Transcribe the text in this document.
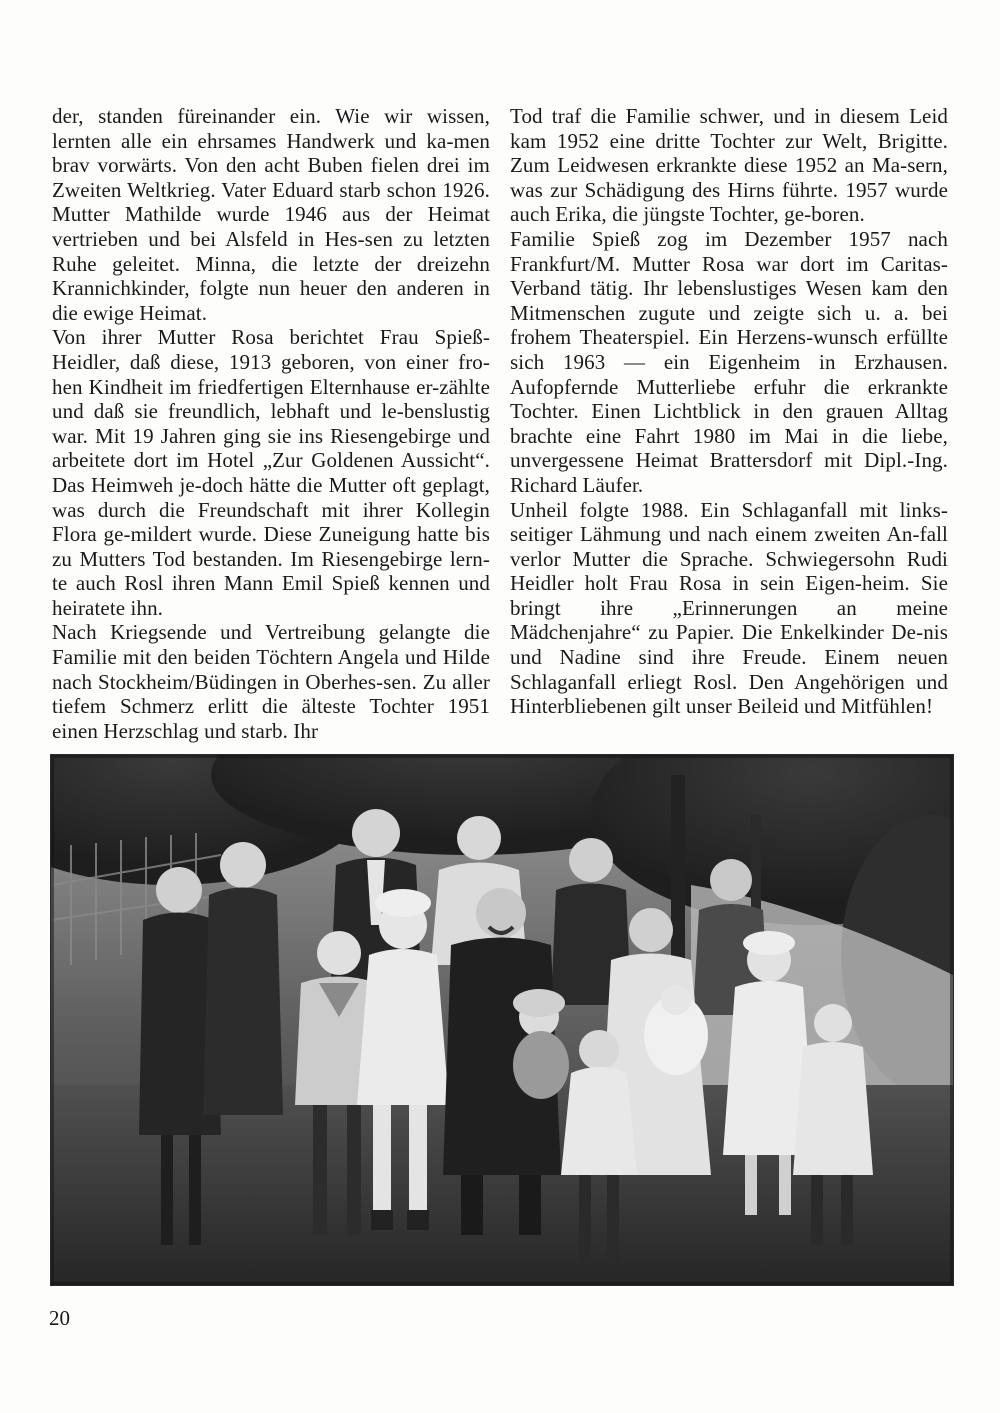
der, standen füreinander ein. Wie wir wissen, lernten alle ein ehrsames Handwerk und ka-men brav vorwärts. Von den acht Buben fielen drei im Zweiten Weltkrieg. Vater Eduard starb schon 1926. Mutter Mathilde wurde 1946 aus der Heimat vertrieben und bei Alsfeld in Hes-sen zu letzten Ruhe geleitet. Minna, die letzte der dreizehn Krannichkinder, folgte nun heuer den anderen in die ewige Heimat.

Von ihrer Mutter Rosa berichtet Frau Spieß-Heidler, daß diese, 1913 geboren, von einer fro-hen Kindheit im friedfertigen Elternhause er-zählte und daß sie freundlich, lebhaft und le-benslustig war. Mit 19 Jahren ging sie ins Riesengebirge und arbeitete dort im Hotel „Zur Goldenen Aussicht“. Das Heimweh je-doch hätte die Mutter oft geplagt, was durch die Freundschaft mit ihrer Kollegin Flora ge-mildert wurde. Diese Zuneigung hatte bis zu Mutters Tod bestanden. Im Riesengebirge lern-te auch Rosl ihren Mann Emil Spieß kennen und heiratete ihn.

Nach Kriegsende und Vertreibung gelangte die Familie mit den beiden Töchtern Angela und Hilde nach Stockheim/Büdingen in Oberhes-sen. Zu aller tiefem Schmerz erlitt die älteste Tochter 1951 einen Herzschlag und starb. Ihr

Tod traf die Familie schwer, und in diesem Leid kam 1952 eine dritte Tochter zur Welt, Brigitte. Zum Leidwesen erkrankte diese 1952 an Ma-sern, was zur Schädigung des Hirns führte. 1957 wurde auch Erika, die jüngste Tochter, ge-boren.

Familie Spieß zog im Dezember 1957 nach Frankfurt/M. Mutter Rosa war dort im Caritas-Verband tätig. Ihr lebenslustiges Wesen kam den Mitmenschen zugute und zeigte sich u. a. bei frohem Theaterspiel. Ein Herzens-wunsch erfüllte sich 1963 — ein Eigenheim in Erzhausen. Aufopfernde Mutterliebe erfuhr die erkrankte Tochter. Einen Lichtblick in den grauen Alltag brachte eine Fahrt 1980 im Mai in die liebe, unvergessene Heimat Brattersdorf mit Dipl.-Ing. Richard Läufer.

Unheil folgte 1988. Ein Schlaganfall mit links-seitiger Lähmung und nach einem zweiten An-fall verlor Mutter die Sprache. Schwiegersohn Rudi Heidler holt Frau Rosa in sein Eigen-heim. Sie bringt ihre „Erinnerungen an meine Mädchenjahre“ zu Papier. Die Enkelkinder De-nis und Nadine sind ihre Freude. Einem neuen Schlaganfall erliegt Rosl. Den Angehörigen und Hinterbliebenen gilt unser Beileid und Mitfühlen!

20
